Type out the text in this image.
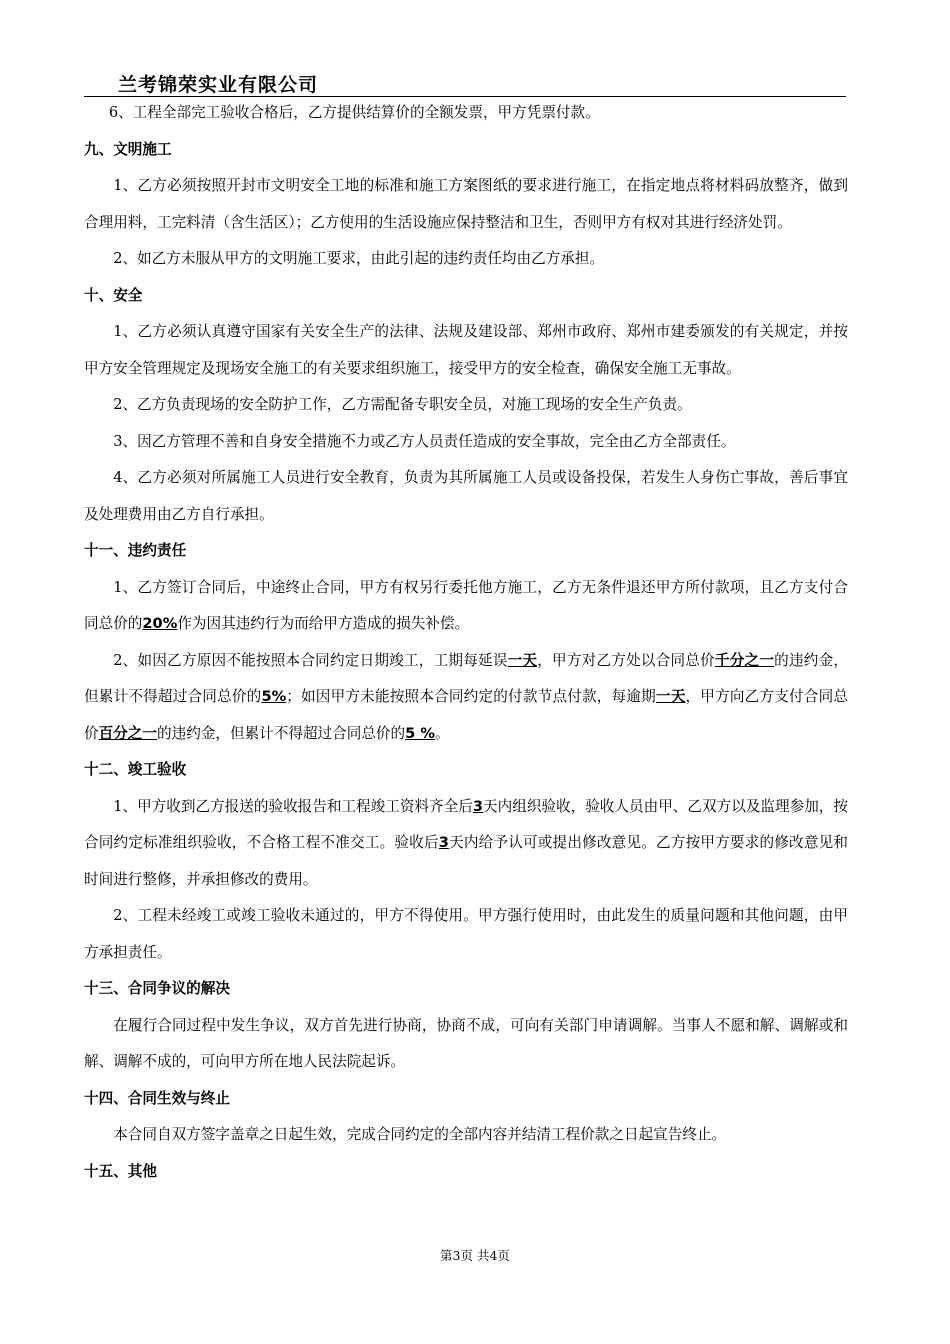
兰考锦荣实业有限公司

6、工程全部完工验收合格后，乙方提供结算价的全额发票，甲方凭票付款。

九、文明施工

1、乙方必须按照开封市文明安全工地的标准和施工方案图纸的要求进行施工，在指定地点将材料码放整齐，做到合理用料，工完料清（含生活区）；乙方使用的生活设施应保持整洁和卫生，否则甲方有权对其进行经济处罚。

2、如乙方未服从甲方的文明施工要求，由此引起的违约责任均由乙方承担。

十、安全

1、乙方必须认真遵守国家有关安全生产的法律、法规及建设部、郑州市政府、郑州市建委颁发的有关规定，并按甲方安全管理规定及现场安全施工的有关要求组织施工，接受甲方的安全检查，确保安全施工无事故。

2、乙方负责现场的安全防护工作，乙方需配备专职安全员，对施工现场的安全生产负责。

3、因乙方管理不善和自身安全措施不力或乙方人员责任造成的安全事故，完全由乙方全部责任。

4、乙方必须对所属施工人员进行安全教育，负责为其所属施工人员或设备投保，若发生人身伤亡事故，善后事宜及处理费用由乙方自行承担。

十一、违约责任

1、乙方签订合同后，中途终止合同，甲方有权另行委托他方施工，乙方无条件退还甲方所付款项，且乙方支付合同总价的20%作为因其违约行为而给甲方造成的损失补偿。

2、如因乙方原因不能按照本合同约定日期竣工，工期每延误一天，甲方对乙方处以合同总价千分之一的违约金，但累计不得超过合同总价的5%；如因甲方未能按照本合同约定的付款节点付款，每逾期一天，甲方向乙方支付合同总价百分之一的违约金，但累计不得超过合同总价的5 %。

十二、竣工验收

1、甲方收到乙方报送的验收报告和工程竣工资料齐全后3天内组织验收，验收人员由甲、乙双方以及监理参加，按合同约定标准组织验收，不合格工程不准交工。验收后3天内给予认可或提出修改意见。乙方按甲方要求的修改意见和时间进行整修，并承担修改的费用。

2、工程未经竣工或竣工验收未通过的，甲方不得使用。甲方强行使用时，由此发生的质量问题和其他问题，由甲方承担责任。

十三、合同争议的解决

在履行合同过程中发生争议，双方首先进行协商，协商不成，可向有关部门申请调解。当事人不愿和解、调解或和解、调解不成的，可向甲方所在地人民法院起诉。

十四、合同生效与终止

本合同自双方签字盖章之日起生效，完成合同约定的全部内容并结清工程价款之日起宣告终止。

十五、其他

第3页 共4页
